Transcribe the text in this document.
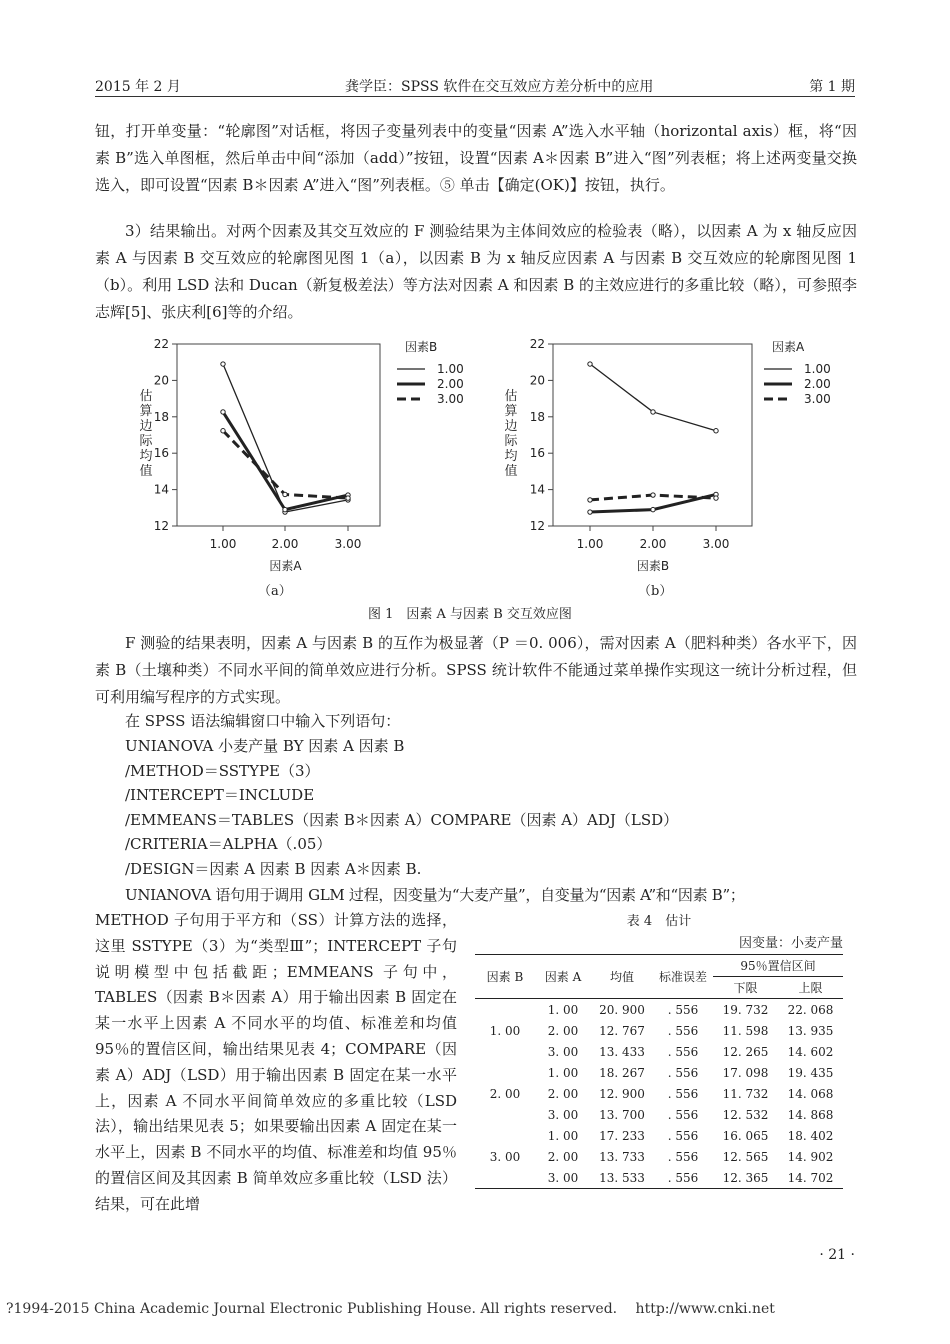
2015 年 2 月	龚学臣：SPSS 软件在交互效应方差分析中的应用	第 1 期

钮，打开单变量：“轮廓图”对话框，将因子变量列表中的变量“因素 A”选入水平轴（horizontal axis）框，将“因素 B”选入单图框，然后单击中间“添加（add）”按钮，设置“因素 A＊因素 B”进入“图”列表框；将上述两变量交换选入，即可设置“因素 B＊因素 A”进入“图”列表框。⑤ 单击【确定(OK)】按钮，执行。

3）结果输出。对两个因素及其交互效应的 F 测验结果为主体间效应的检验表（略），以因素 A 为 x 轴反应因素 A 与因素 B 交互效应的轮廓图见图 1（a），以因素 B 为 x 轴反应因素 A 与因素 B 交互效应的轮廓图见图 1（b）。利用 LSD 法和 Ducan（新复极差法）等方法对因素 A 和因素 B 的主效应进行的多重比较（略），可参照李志辉[5]、张庆利[6]等的介绍。

12
14
16
18
20
22
1.00	2.00	3.00
因素A
估
算
边
际
均
值
因素B
1.00
2.00
3.00
12
14
16
18
20
22
1.00	2.00	3.00
因素B
估
算
边
际
均
值
因素A
1.00
2.00
3.00
（a）	（b）
图 1　因素 A 与因素 B 交互效应图

F 测验的结果表明，因素 A 与因素 B 的互作为极显著（P ＝0. 006），需对因素 A（肥料种类）各水平下，因素 B（土壤种类）不同水平间的简单效应进行分析。SPSS 统计软件不能通过菜单操作实现这一统计分析过程，但可利用编写程序的方式实现。

在 SPSS 语法编辑窗口中输入下列语句：

UNIANOVA 小麦产量 BY 因素 A 因素 B
/METHOD＝SSTYPE（3）
/INTERCEPT＝INCLUDE
/EMMEANS＝TABLES（因素 B＊因素 A）COMPARE（因素 A）ADJ（LSD）
/CRITERIA＝ALPHA（.05）
/DESIGN＝因素 A 因素 B 因素 A＊因素 B.

UNIANOVA 语句用于调用 GLM 过程，因变量为“大麦产量”，自变量为“因素 A”和“因素 B”；

METHOD 子句用于平方和（SS）计算方法的选择，这里 SSTYPE（3）为“类型Ⅲ”；INTERCEPT 子句说明模型中包括截距；EMMEANS 子句中，TABLES（因素 B＊因素 A）用于输出因素 B 固定在某一水平上因素 A 不同水平的均值、标准差和均值 95％的置信区间，输出结果见表 4；COMPARE（因素 A）ADJ（LSD）用于输出因素 B 固定在某一水平上，因素 A 不同水平间简单效应的多重比较（LSD 法），输出结果见表 5；如果要输出因素 A 固定在某一水平上，因素 B 不同水平的均值、标准差和均值 95％的置信区间及其因素 B 简单效应多重比较（LSD 法）结果，可在此增

表 4　估计
因变量：小麦产量
因素 B	因素 A	均值	标准误差	95％置信区间	
				下限	上限
1. 00	1. 00	20. 900	. 556	19. 732	22. 068
	2. 00	12. 767	. 556	11. 598	13. 935
	3. 00	13. 433	. 556	12. 265	14. 602
2. 00	1. 00	18. 267	. 556	17. 098	19. 435
	2. 00	12. 900	. 556	11. 732	14. 068
	3. 00	13. 700	. 556	12. 532	14. 868
3. 00	1. 00	17. 233	. 556	16. 065	18. 402
	2. 00	13. 733	. 556	12. 565	14. 902
	3. 00	13. 533	. 556	12. 365	14. 702
· 21 ·
?1994-2015 China Academic Journal Electronic Publishing House. All rights reserved.　 http://www.cnki.net
